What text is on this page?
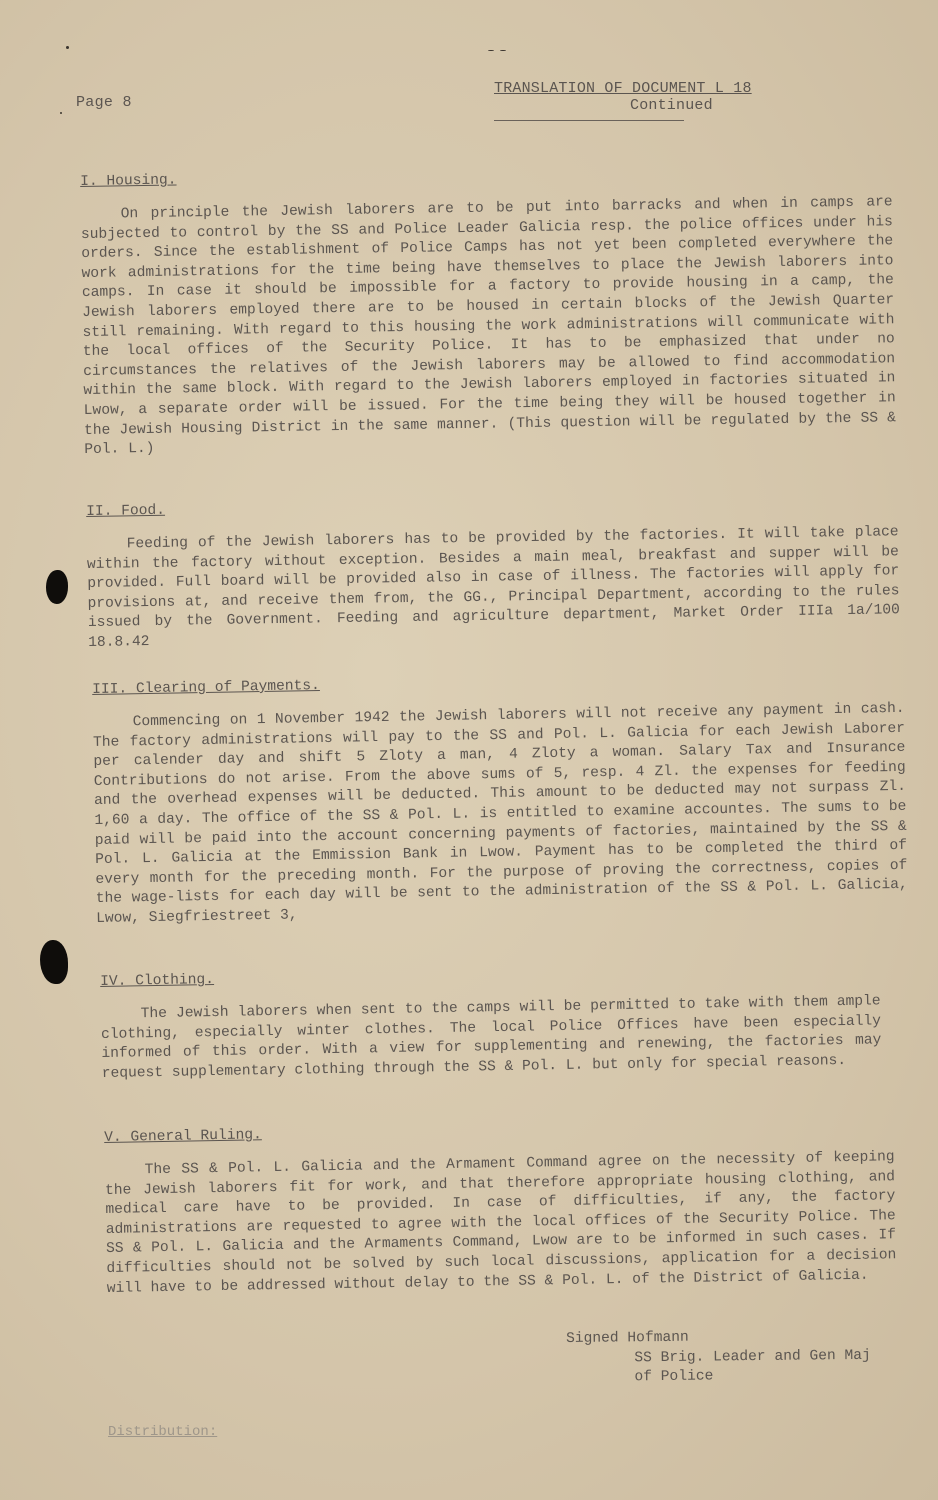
Page 8
TRANSLATION OF DOCUMENT L 18
Continued
I. Housing.

On principle the Jewish laborers are to be put into barracks and when in camps are subjected to control by the SS and Police Leader Galicia resp. the police offices under his orders. Since the establishment of Police Camps has not yet been completed everywhere the work administrations for the time being have themselves to place the Jewish laborers into camps. In case it should be impossible for a factory to provide housing in a camp, the Jewish laborers employed there are to be housed in certain blocks of the Jewish Quarter still remaining. With regard to this housing the work administrations will communicate with the local offices of the Security Police. It has to be emphasized that under no circumstances the relatives of the Jewish laborers may be allowed to find accommodation within the same block. With regard to the Jewish laborers employed in factories situated in Lwow, a separate order will be issued. For the time being they will be housed together in the Jewish Housing District in the same manner. (This question will be regulated by the SS & Pol. L.)

II. Food.

Feeding of the Jewish laborers has to be provided by the factories. It will take place within the factory without exception. Besides a main meal, breakfast and supper will be provided. Full board will be provided also in case of illness. The factories will apply for provisions at, and receive them from, the GG., Principal Department, according to the rules issued by the Government. Feeding and agriculture department, Market Order IIIa 1a/100 18.8.42

III. Clearing of Payments.

Commencing on 1 November 1942 the Jewish laborers will not receive any payment in cash. The factory administrations will pay to the SS and Pol. L. Galicia for each Jewish Laborer per calender day and shift 5 Zloty a man, 4 Zloty a woman. Salary Tax and Insurance Contributions do not arise. From the above sums of 5, resp. 4 Zl. the expenses for feeding and the overhead expenses will be deducted. This amount to be deducted may not surpass Zl. 1,60 a day. The office of the SS & Pol. L. is entitled to examine accountes. The sums to be paid will be paid into the account concerning payments of factories, maintained by the SS & Pol. L. Galicia at the Emmission Bank in Lwow. Payment has to be completed the third of every month for the preceding month. For the purpose of proving the correctness, copies of the wage-lists for each day will be sent to the administration of the SS & Pol. L. Galicia, Lwow, Siegfriestreet 3,

IV. Clothing.

The Jewish laborers when sent to the camps will be permitted to take with them ample clothing, especially winter clothes. The local Police Offices have been especially informed of this order. With a view for supplementing and renewing, the factories may request supplementary clothing through the SS & Pol. L. but only for special reasons.

V. General Ruling.

The SS & Pol. L. Galicia and the Armament Command agree on the necessity of keeping the Jewish laborers fit for work, and that therefore appropriate housing clothing, and medical care have to be provided. In case of difficulties, if any, the factory administrations are requested to agree with the local offices of the Security Police. The SS & Pol. L. Galicia and the Armaments Command, Lwow are to be informed in such cases. If difficulties should not be solved by such local discussions, application for a decision will have to be addressed without delay to the SS & Pol. L. of the District of Galicia.

Signed Hofmann
SS Brig. Leader and Gen Maj
of Police
Distribution:
